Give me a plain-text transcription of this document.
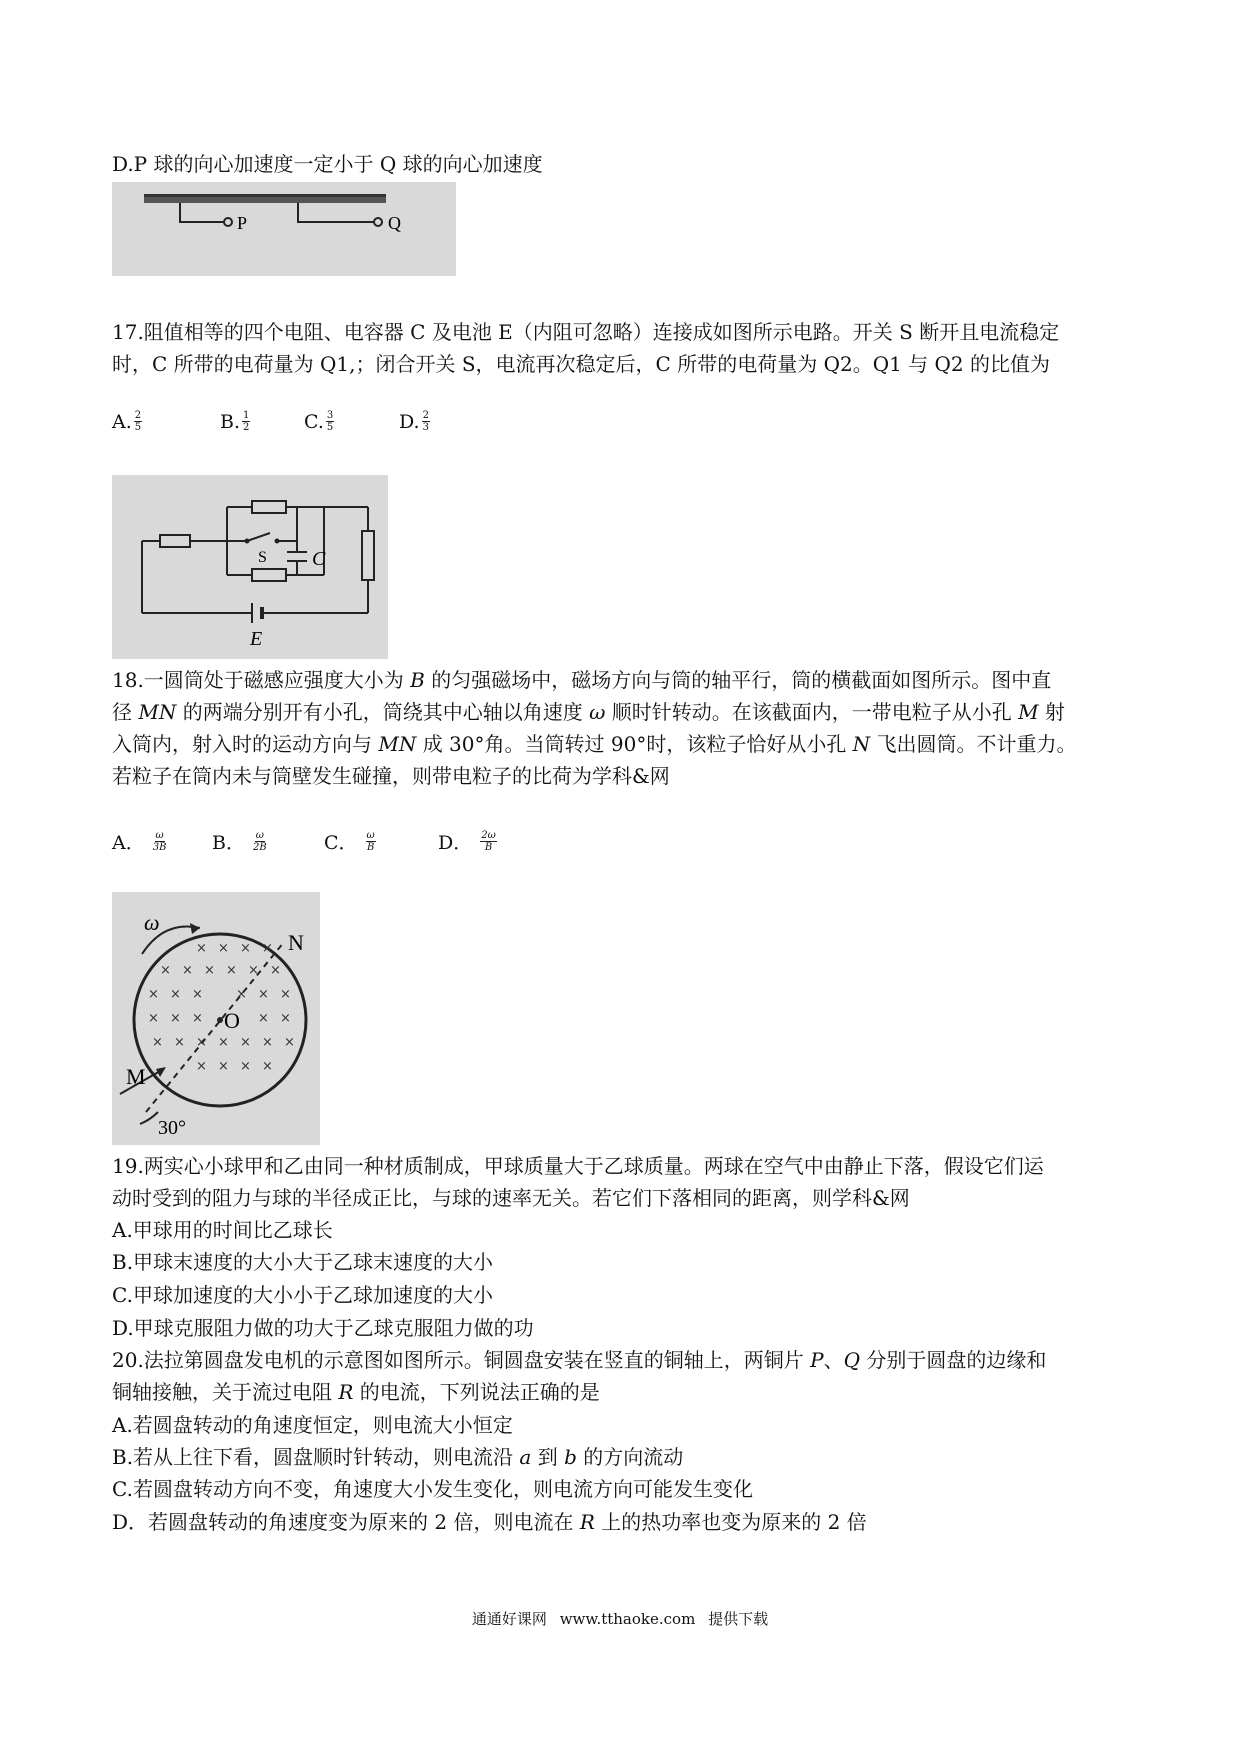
D.P 球的向心加速度一定小于 Q 球的向心加速度
P	Q
17.阻值相等的四个电阻、电容器 C 及电池 E（内阻可忽略）连接成如图所示电路。开关 S 断开且电流稳定
时，C 所带的电荷量为 Q1,；闭合开关 S，电流再次稳定后，C 所带的电荷量为 Q2。Q1 与 Q2 的比值为
A. $\frac{2}{5}$	B. $\frac{1}{2}$	C. $\frac{3}{5}$	D. $\frac{2}{3}$
S C
E
18.一圆筒处于磁感应强度大小为 B 的匀强磁场中，磁场方向与筒的轴平行，筒的横截面如图所示。图中直
径 MN 的两端分别开有小孔，筒绕其中心轴以角速度 ω 顺时针转动。在该截面内，一带电粒子从小孔 M 射
入筒内，射入时的运动方向与 MN 成 30°角。当筒转过 90°时，该粒子恰好从小孔 N 飞出圆筒。不计重力。
若粒子在筒内未与筒壁发生碰撞，则带电粒子的比荷为学科&网
A． $\frac{\omega}{3B}$ B． $\frac{\omega}{2B}$	C． $\frac{\omega}{B}$	D． $\frac{2\omega}{B}$
× × × ×
× × × × × ×
× × ×	× × ×
× × ×	× ×
× × × × × × ×
× × × ×
ω
N
O
M
30°
19.两实心小球甲和乙由同一种材质制成，甲球质量大于乙球质量。两球在空气中由静止下落，假设它们运
动时受到的阻力与球的半径成正比，与球的速率无关。若它们下落相同的距离，则学科&网
A.甲球用的时间比乙球长
B.甲球末速度的大小大于乙球末速度的大小
C.甲球加速度的大小小于乙球加速度的大小
D.甲球克服阻力做的功大于乙球克服阻力做的功
20.法拉第圆盘发电机的示意图如图所示。铜圆盘安装在竖直的铜轴上，两铜片 P、Q 分别于圆盘的边缘和
铜轴接触，关于流过电阻 R 的电流，下列说法正确的是
A.若圆盘转动的角速度恒定，则电流大小恒定
B.若从上往下看，圆盘顺时针转动，则电流沿 a 到 b 的方向流动
C.若圆盘转动方向不变，角速度大小发生变化，则电流方向可能发生变化
D．若圆盘转动的角速度变为原来的 2 倍，则电流在 R 上的热功率也变为原来的 2 倍
通通好课网 www.tthaoke.com 提供下载
